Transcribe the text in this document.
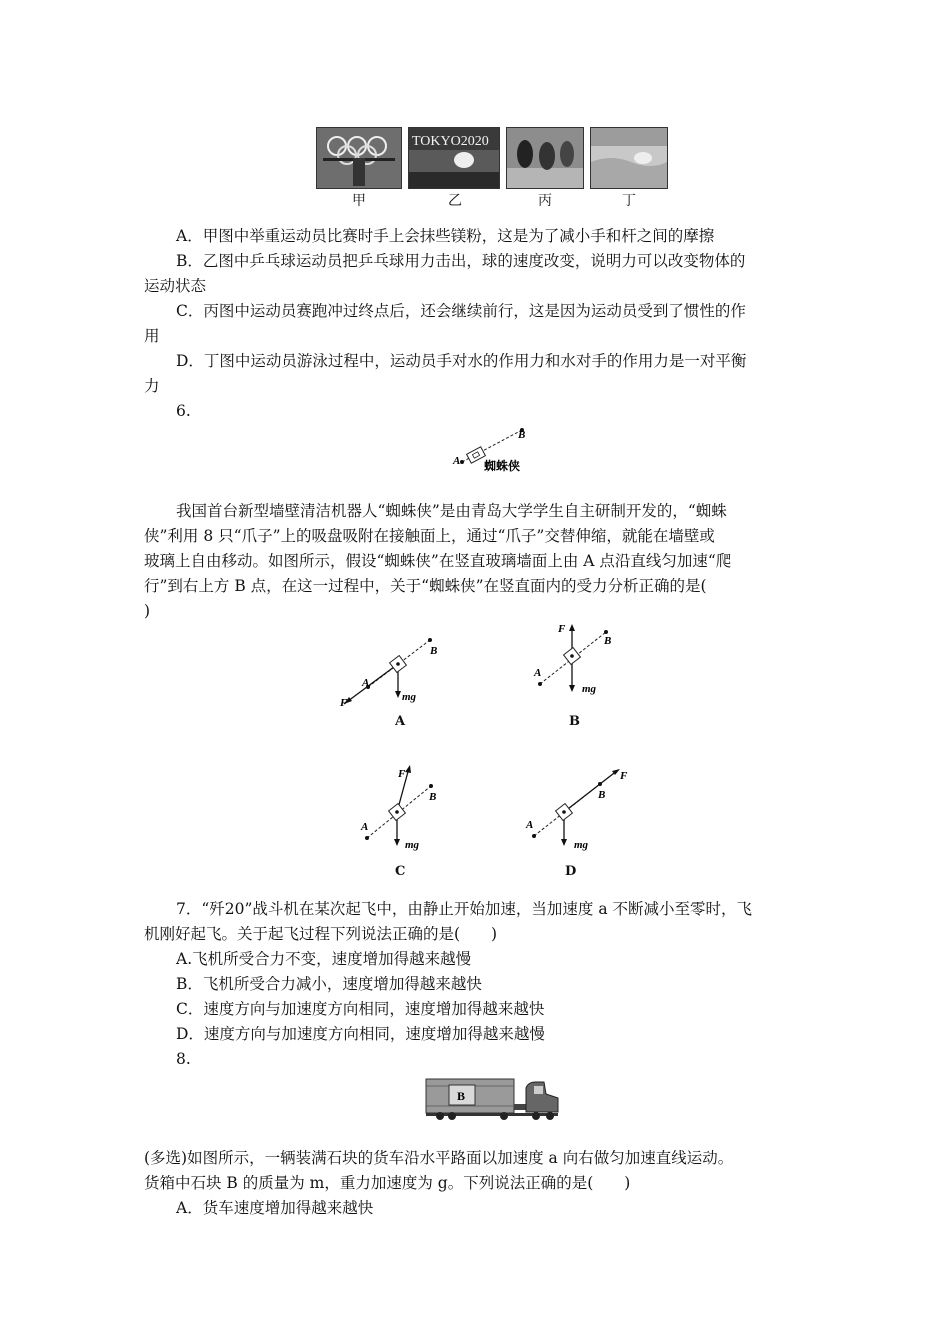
TOKYO2020
甲	乙	丙	丁
A．甲图中举重运动员比赛时手上会抹些镁粉，这是为了减小手和杆之间的摩擦
B．乙图中乒乓球运动员把乒乓球用力击出，球的速度改变，说明力可以改变物体的
运动状态
C．丙图中运动员赛跑冲过终点后，还会继续前行，这是因为运动员受到了惯性的作
用
D．丁图中运动员游泳过程中，运动员手对水的作用力和水对手的作用力是一对平衡
力
6.
A
B
蜘蛛侠
我国首台新型墙壁清洁机器人“蜘蛛侠”是由青岛大学学生自主研制开发的，“蜘蛛
侠”利用 8 只“爪子”上的吸盘吸附在接触面上，通过“爪子”交替伸缩，就能在墙壁或
玻璃上自由移动。如图所示，假设“蜘蛛侠”在竖直玻璃墙面上由 A 点沿直线匀加速“爬
行”到右上方 B 点，在这一过程中，关于“蜘蛛侠”在竖直面内的受力分析正确的是(
)
A
B
F	mg
A
A
B
F
mg
B
A
B
F
mg
C
A
B
F
mg
D
7．“歼20”战斗机在某次起飞中，由静止开始加速，当加速度 a 不断减小至零时，飞
机刚好起飞。关于起飞过程下列说法正确的是(　　)
A.飞机所受合力不变，速度增加得越来越慢
B．飞机所受合力减小，速度增加得越来越快
C．速度方向与加速度方向相同，速度增加得越来越快
D．速度方向与加速度方向相同，速度增加得越来越慢
8.
B
(多选)如图所示，一辆装满石块的货车沿水平路面以加速度 a 向右做匀加速直线运动。
货箱中石块 B 的质量为 m，重力加速度为 g。下列说法正确的是(　　)
A．货车速度增加得越来越快
